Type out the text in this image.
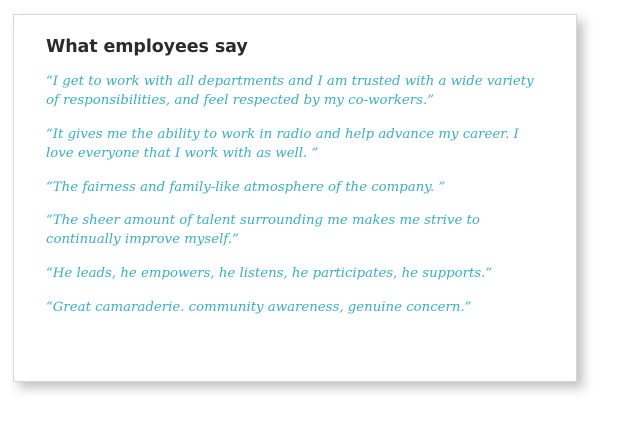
What employees say

“I get to work with all departments and I am trusted with a wide variety of responsibilities, and feel respected by my co-workers.”

“It gives me the ability to work in radio and help advance my career. I love everyone that I work with as well. ”

“The fairness and family-like atmosphere of the company. ”

“The sheer amount of talent surrounding me makes me strive to continually improve myself.”

“He leads, he empowers, he listens, he participates, he supports.”

“Great camaraderie. community awareness, genuine concern.”
